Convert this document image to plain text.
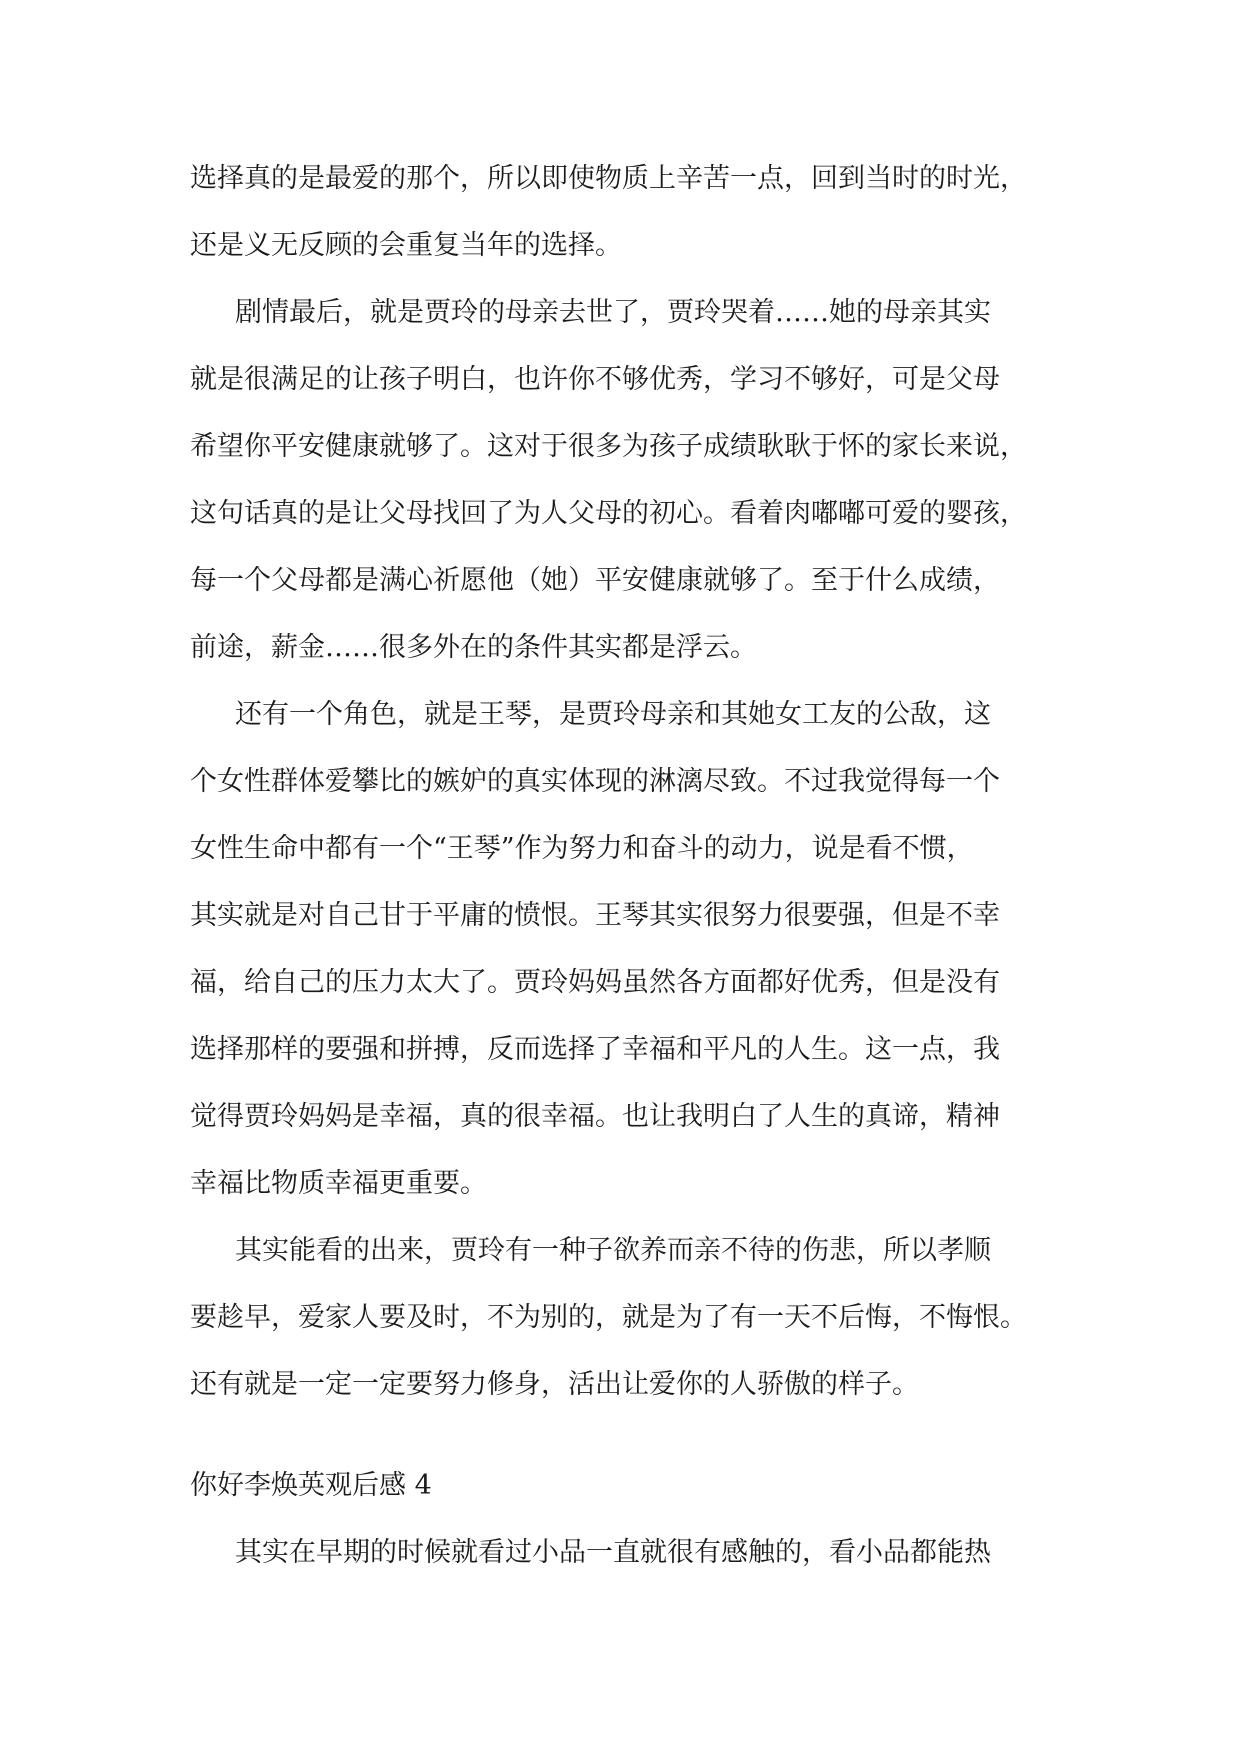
选择真的是最爱的那个，所以即使物质上辛苦一点，回到当时的时光，
还是义无反顾的会重复当年的选择。

剧情最后，就是贾玲的母亲去世了，贾玲哭着……她的母亲其实
就是很满足的让孩子明白，也许你不够优秀，学习不够好，可是父母
希望你平安健康就够了。这对于很多为孩子成绩耿耿于怀的家长来说，
这句话真的是让父母找回了为人父母的初心。看着肉嘟嘟可爱的婴孩，
每一个父母都是满心祈愿他（她）平安健康就够了。至于什么成绩，
前途，薪金……很多外在的条件其实都是浮云。

还有一个角色，就是王琴，是贾玲母亲和其她女工友的公敌，这
个女性群体爱攀比的嫉妒的真实体现的淋漓尽致。不过我觉得每一个
女性生命中都有一个“王琴”作为努力和奋斗的动力，说是看不惯，
其实就是对自己甘于平庸的愤恨。王琴其实很努力很要强，但是不幸
福，给自己的压力太大了。贾玲妈妈虽然各方面都好优秀，但是没有
选择那样的要强和拼搏，反而选择了幸福和平凡的人生。这一点，我
觉得贾玲妈妈是幸福，真的很幸福。也让我明白了人生的真谛，精神
幸福比物质幸福更重要。

其实能看的出来，贾玲有一种子欲养而亲不待的伤悲，所以孝顺
要趁早，爱家人要及时，不为别的，就是为了有一天不后悔，不悔恨。
还有就是一定一定要努力修身，活出让爱你的人骄傲的样子。

你好李焕英观后感 4
其实在早期的时候就看过小品一直就很有感触的，看小品都能热
